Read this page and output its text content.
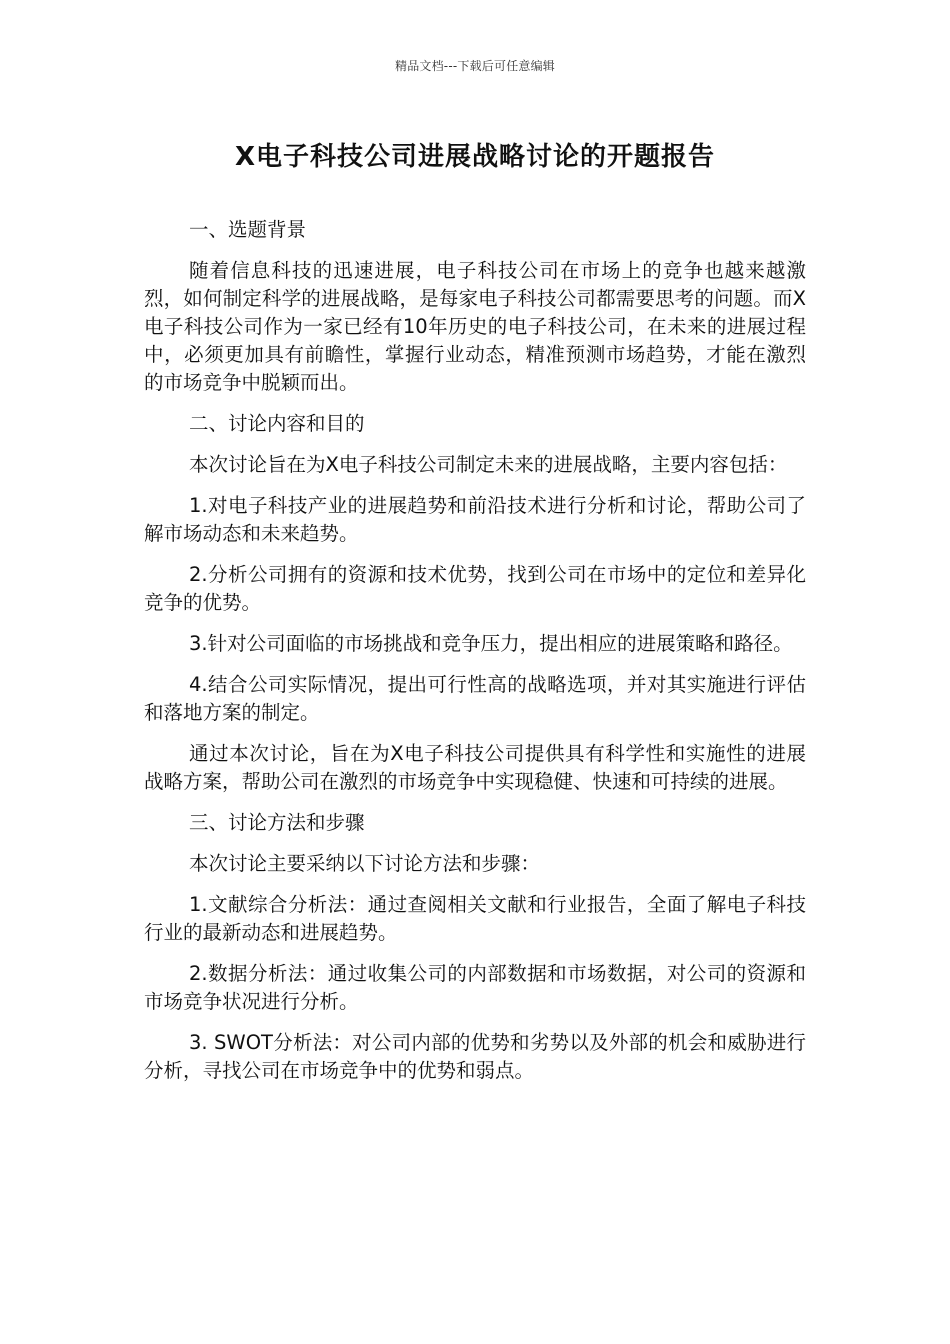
精品文档---下载后可任意编辑
X电子科技公司进展战略讨论的开题报告

一、选题背景

随着信息科技的迅速进展，电子科技公司在市场上的竞争也越来越激烈，如何制定科学的进展战略，是每家电子科技公司都需要思考的问题。而X电子科技公司作为一家已经有10年历史的电子科技公司，在未来的进展过程中，必须更加具有前瞻性，掌握行业动态，精准预测市场趋势，才能在激烈的市场竞争中脱颖而出。

二、讨论内容和目的

本次讨论旨在为X电子科技公司制定未来的进展战略，主要内容包括：

1.对电子科技产业的进展趋势和前沿技术进行分析和讨论，帮助公司了解市场动态和未来趋势。

2.分析公司拥有的资源和技术优势，找到公司在市场中的定位和差异化竞争的优势。

3.针对公司面临的市场挑战和竞争压力，提出相应的进展策略和路径。

4.结合公司实际情况，提出可行性高的战略选项，并对其实施进行评估和落地方案的制定。

通过本次讨论，旨在为X电子科技公司提供具有科学性和实施性的进展战略方案，帮助公司在激烈的市场竞争中实现稳健、快速和可持续的进展。

三、讨论方法和步骤

本次讨论主要采纳以下讨论方法和步骤：

1.文献综合分析法：通过查阅相关文献和行业报告，全面了解电子科技行业的最新动态和进展趋势。

2.数据分析法：通过收集公司的内部数据和市场数据，对公司的资源和市场竞争状况进行分析。

3. SWOT分析法：对公司内部的优势和劣势以及外部的机会和威胁进行分析，寻找公司在市场竞争中的优势和弱点。
